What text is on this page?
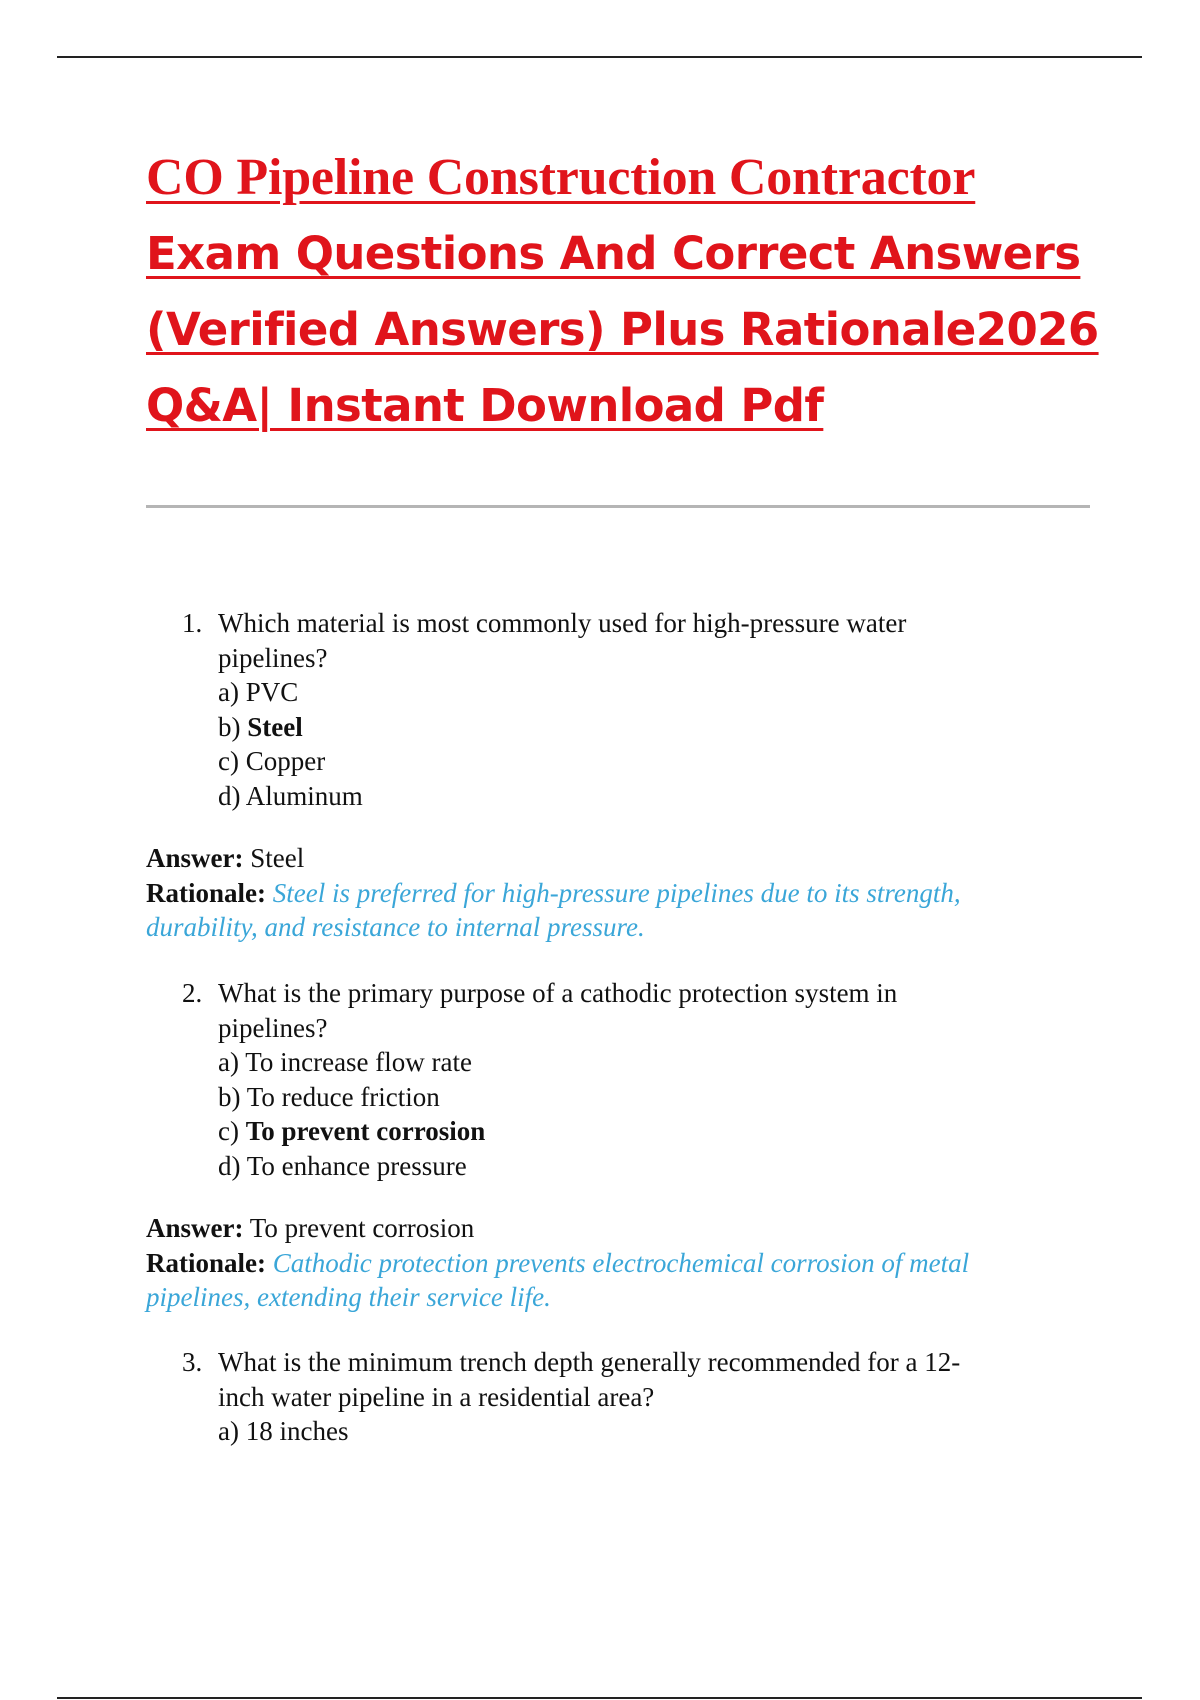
CO Pipeline Construction Contractor
Exam Questions And Correct Answers
(Verified Answers) Plus Rationale2026
Q&A| Instant Download Pdf
1. Which material is most commonly used for high-pressure water
pipelines?
a) PVC
b) Steel
c) Copper
d) Aluminum
Answer: Steel
Rationale: Steel is preferred for high-pressure pipelines due to its strength,
durability, and resistance to internal pressure.
2. What is the primary purpose of a cathodic protection system in
pipelines?
a) To increase flow rate
b) To reduce friction
c) To prevent corrosion
d) To enhance pressure
Answer: To prevent corrosion
Rationale: Cathodic protection prevents electrochemical corrosion of metal
pipelines, extending their service life.
3. What is the minimum trench depth generally recommended for a 12-
inch water pipeline in a residential area?
a) 18 inches
